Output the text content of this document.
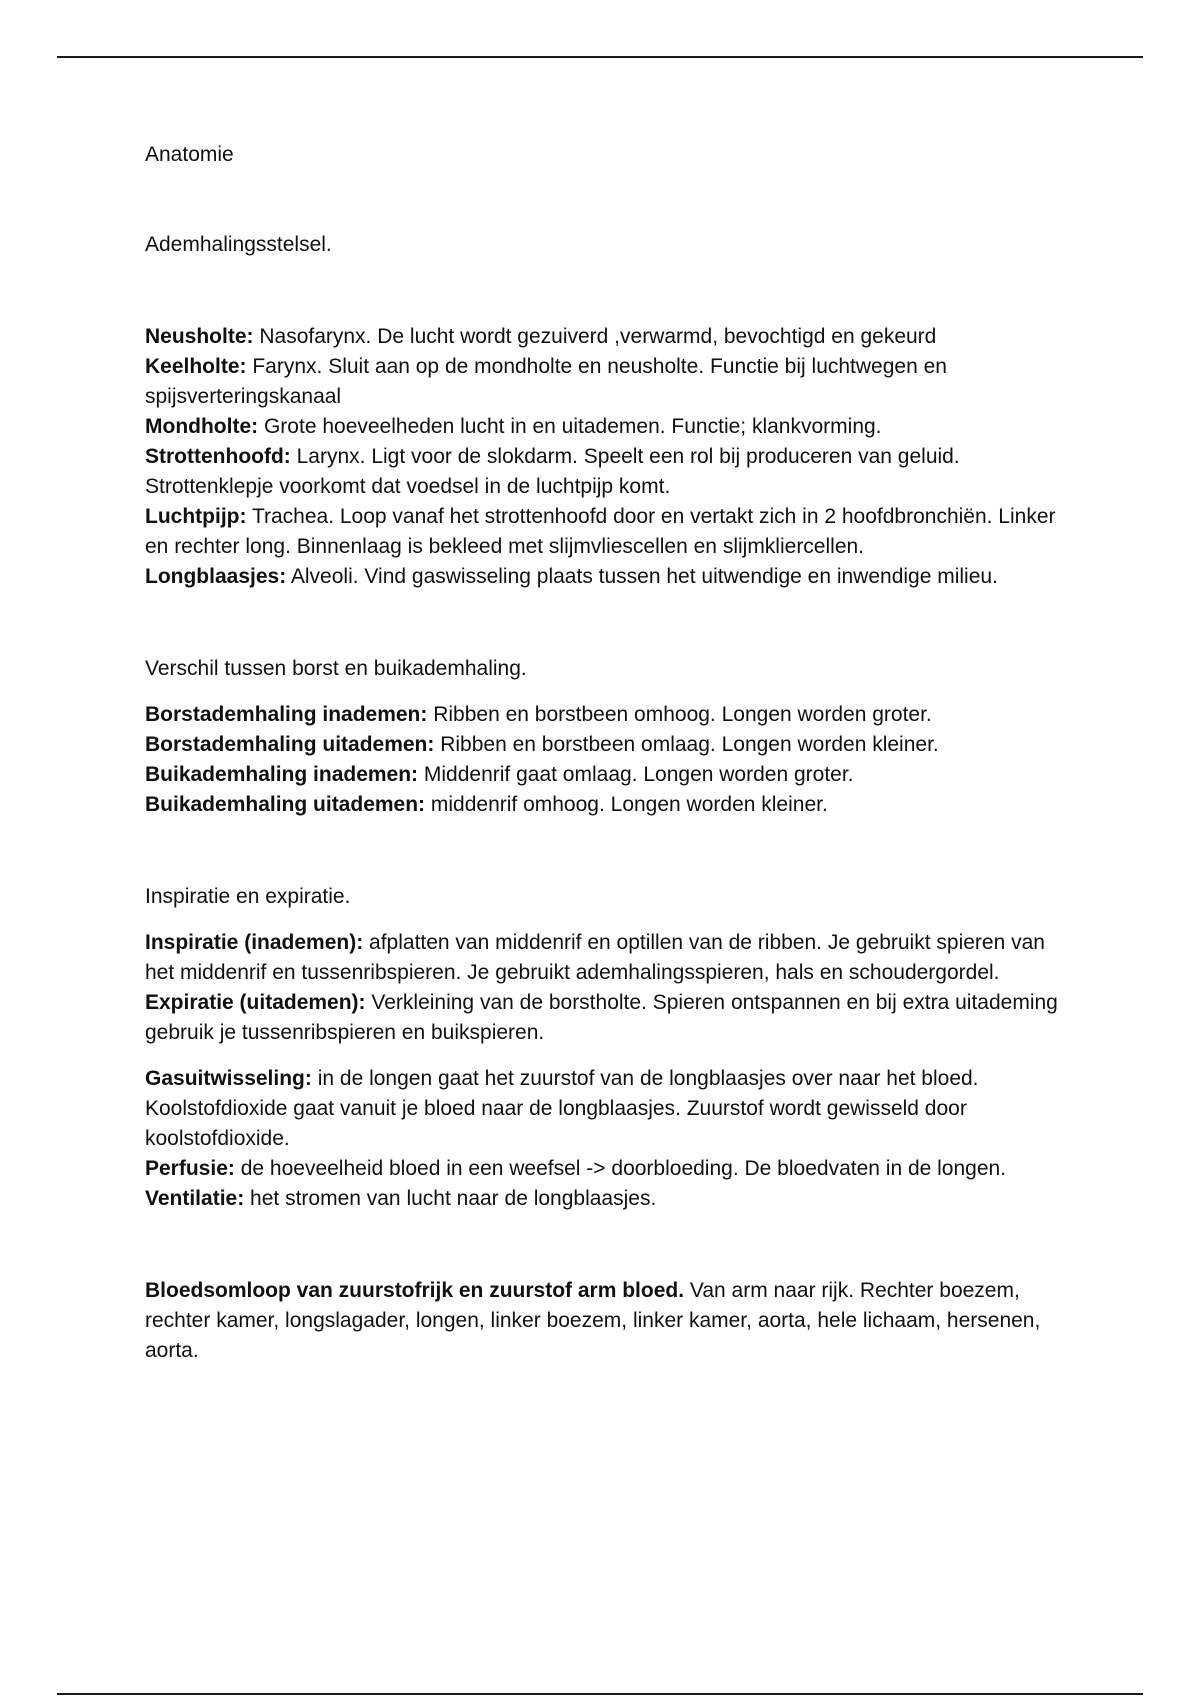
Anatomie

Ademhalingsstelsel.

Neusholte: Nasofarynx. De lucht wordt gezuiverd ,verwarmd, bevochtigd en gekeurd

Keelholte: Farynx. Sluit aan op de mondholte en neusholte. Functie bij luchtwegen en spijsverteringskanaal

Mondholte: Grote hoeveelheden lucht in en uitademen. Functie; klankvorming.

Strottenhoofd: Larynx. Ligt voor de slokdarm. Speelt een rol bij produceren van geluid. Strottenklepje voorkomt dat voedsel in de luchtpijp komt.

Luchtpijp: Trachea. Loop vanaf het strottenhoofd door en vertakt zich in 2 hoofdbronchiën. Linker en rechter long. Binnenlaag is bekleed met slijmvliescellen en slijmkliercellen.

Longblaasjes: Alveoli. Vind gaswisseling plaats tussen het uitwendige en inwendige milieu.

Verschil tussen borst en buikademhaling.

Borstademhaling inademen: Ribben en borstbeen omhoog. Longen worden groter.

Borstademhaling uitademen: Ribben en borstbeen omlaag. Longen worden kleiner.

Buikademhaling inademen: Middenrif gaat omlaag. Longen worden groter.

Buikademhaling uitademen: middenrif omhoog. Longen worden kleiner.

Inspiratie en expiratie.

Inspiratie (inademen): afplatten van middenrif en optillen van de ribben. Je gebruikt spieren van het middenrif en tussenribspieren. Je gebruikt ademhalingsspieren, hals en schoudergordel.

Expiratie (uitademen): Verkleining van de borstholte. Spieren ontspannen en bij extra uitademing gebruik je tussenribspieren en buikspieren.

Gasuitwisseling: in de longen gaat het zuurstof van de longblaasjes over naar het bloed. Koolstofdioxide gaat vanuit je bloed naar de longblaasjes. Zuurstof wordt gewisseld door koolstofdioxide.

Perfusie: de hoeveelheid bloed in een weefsel -> doorbloeding. De bloedvaten in de longen.

Ventilatie: het stromen van lucht naar de longblaasjes.

Bloedsomloop van zuurstofrijk en zuurstof arm bloed. Van arm naar rijk. Rechter boezem, rechter kamer, longslagader, longen, linker boezem, linker kamer, aorta, hele lichaam, hersenen, aorta.
